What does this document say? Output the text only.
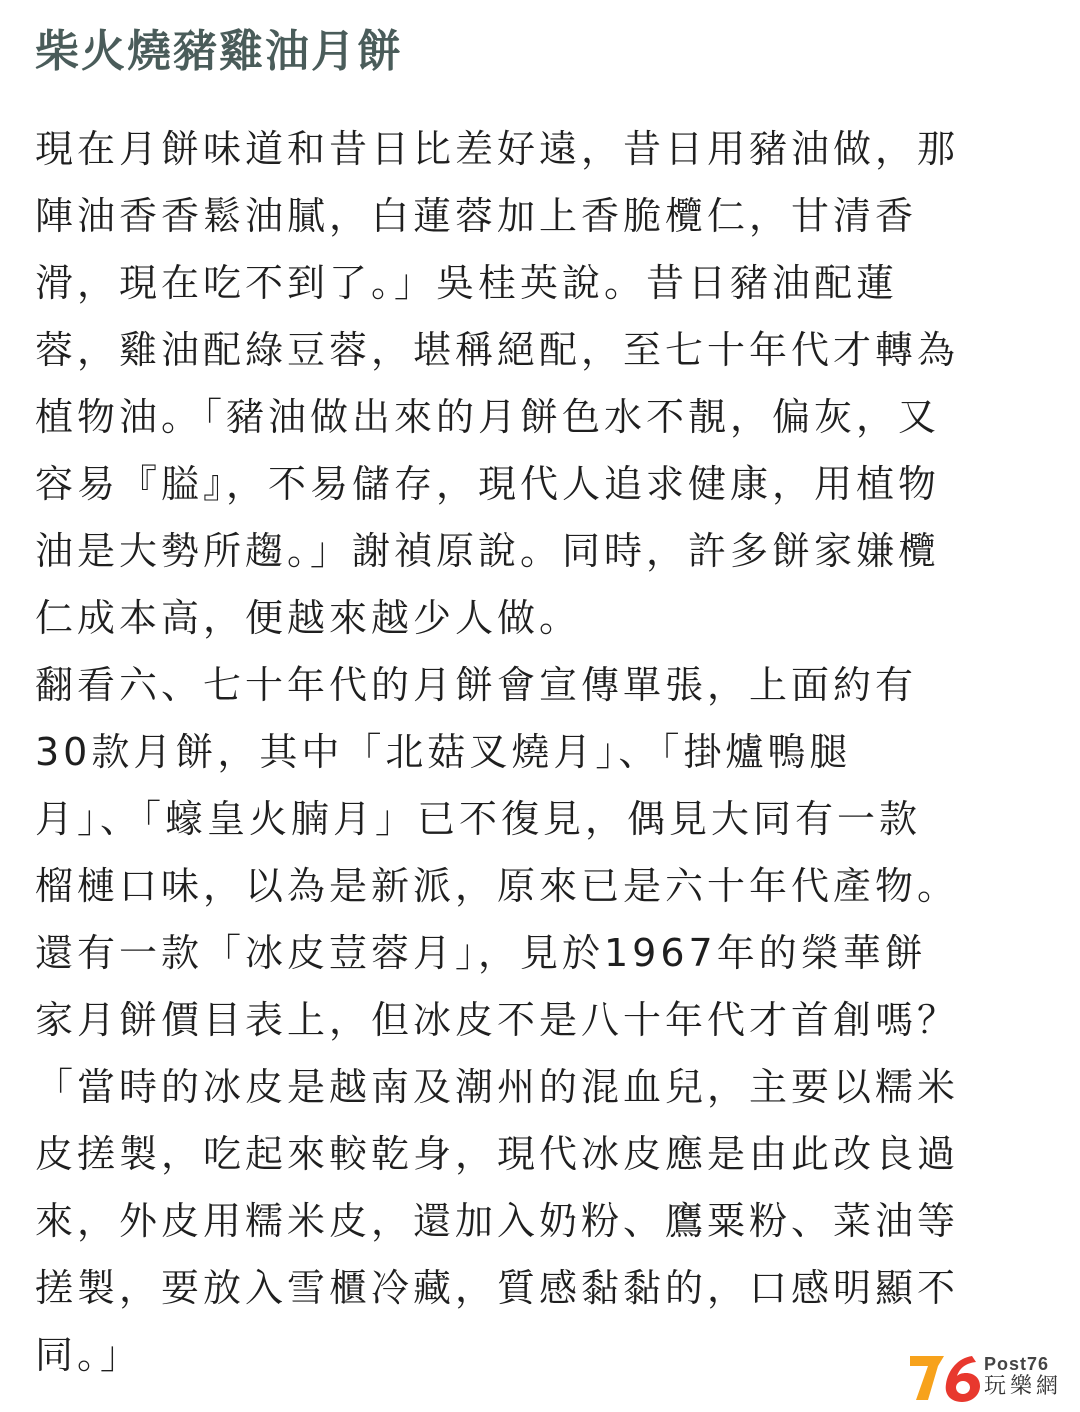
柴火燒豬雞油月餅
現在月餅味道和昔日比差好遠，昔日用豬油做，那
陣油香香鬆油膩，白蓮蓉加上香脆欖仁，甘清香
滑，現在吃不到了。」吳桂英說。昔日豬油配蓮
蓉，雞油配綠豆蓉，堪稱絕配，至七十年代才轉為
植物油。「豬油做出來的月餅色水不靚，偏灰，又
容易『膉』，不易儲存，現代人追求健康，用植物
油是大勢所趨。」謝禎原說。同時，許多餅家嫌欖
仁成本高，便越來越少人做。
翻看六、七十年代的月餅會宣傳單張，上面約有
30款月餅，其中「北菇叉燒月」、「掛爐鴨腿
月」、「蠔皇火腩月」已不復見，偶見大同有一款
榴槤口味，以為是新派，原來已是六十年代產物。
還有一款「冰皮荳蓉月」，見於1967年的榮華餅
家月餅價目表上，但冰皮不是八十年代才首創嗎？
「當時的冰皮是越南及潮州的混血兒，主要以糯米
皮搓製，吃起來較乾身，現代冰皮應是由此改良過
來，外皮用糯米皮，還加入奶粉、鷹粟粉、菜油等
搓製，要放入雪櫃冷藏，質感黏黏的，口感明顯不
同。」	Post76
玩樂網
